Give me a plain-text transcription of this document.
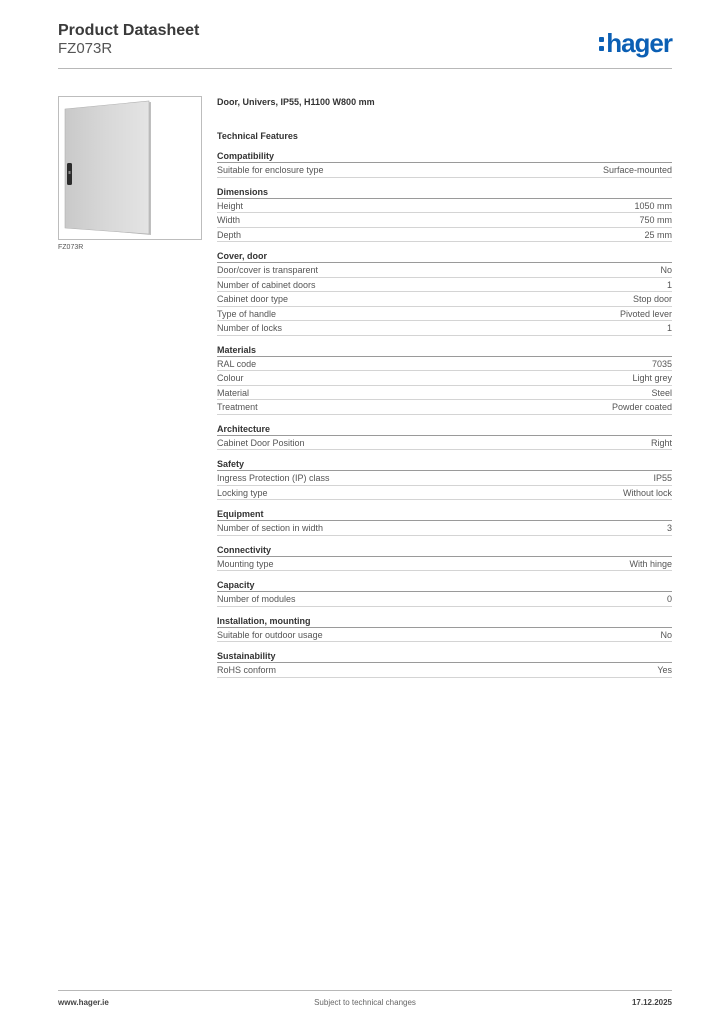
Product Datasheet
FZ073R	hager
FZ073R
Door, Univers, IP55, H1100 W800 mm
Technical Features
Compatibility
Suitable for enclosure type	Surface-mounted
Dimensions
Height	1050 mm
Width	750 mm
Depth	25 mm
Cover, door
Door/cover is transparent	No
Number of cabinet doors	1
Cabinet door type	Stop door
Type of handle	Pivoted lever
Number of locks	1
Materials
RAL code	7035
Colour	Light grey
Material	Steel
Treatment	Powder coated
Architecture
Cabinet Door Position	Right
Safety
Ingress Protection (IP) class	IP55
Locking type	Without lock
Equipment
Number of section in width	3
Connectivity
Mounting type	With hinge
Capacity
Number of modules	0
Installation, mounting
Suitable for outdoor usage	No
Sustainability
RoHS conform	Yes
www.hager.ie	Subject to technical changes	17.12.2025
